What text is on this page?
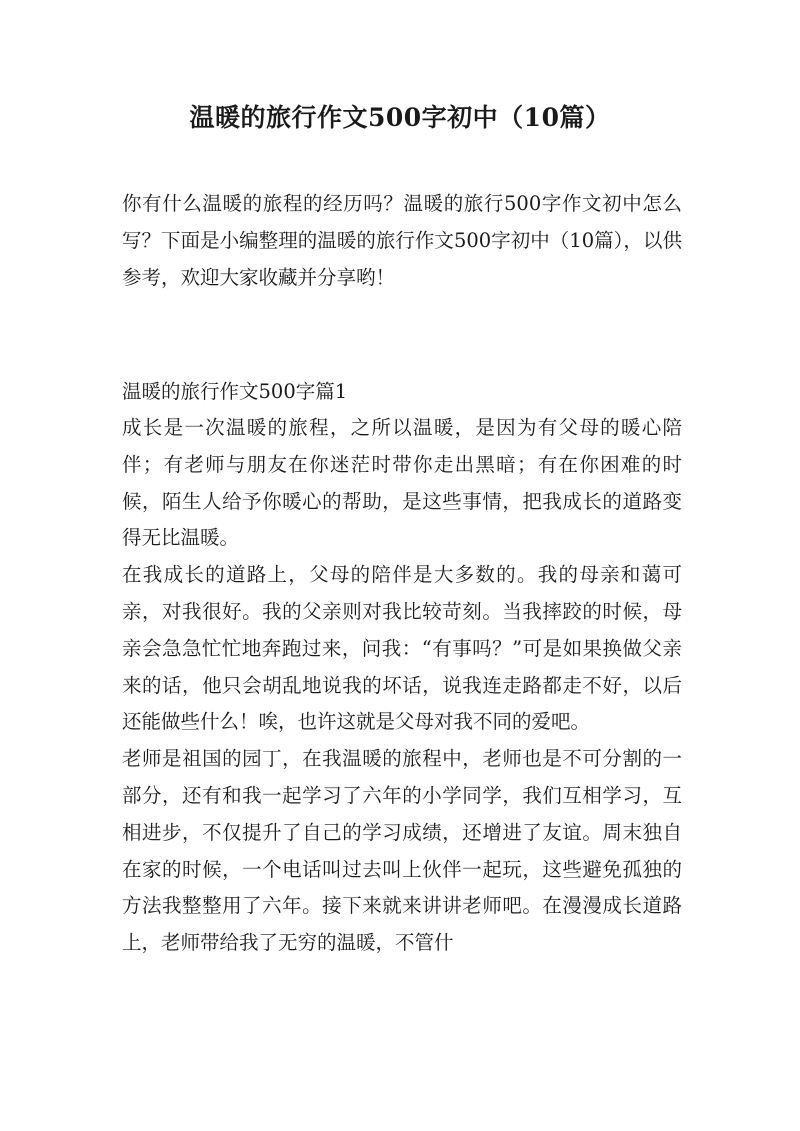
温暖的旅行作文500字初中（10篇）

你有什么温暖的旅程的经历吗？温暖的旅行500字作文初中怎么写？下面是小编整理的温暖的旅行作文500字初中（10篇），以供参考，欢迎大家收藏并分享哟！

温暖的旅行作文500字篇1

成长是一次温暖的旅程，之所以温暖，是因为有父母的暖心陪伴；有老师与朋友在你迷茫时带你走出黑暗；有在你困难的时候，陌生人给予你暖心的帮助，是这些事情，把我成长的道路变得无比温暖。

在我成长的道路上，父母的陪伴是大多数的。我的母亲和蔼可亲，对我很好。我的父亲则对我比较苛刻。当我摔跤的时候，母亲会急急忙忙地奔跑过来，问我：“有事吗？”可是如果换做父亲来的话，他只会胡乱地说我的坏话，说我连走路都走不好，以后还能做些什么！唉，也许这就是父母对我不同的爱吧。

老师是祖国的园丁，在我温暖的旅程中，老师也是不可分割的一部分，还有和我一起学习了六年的小学同学，我们互相学习，互相进步，不仅提升了自己的学习成绩，还增进了友谊。周末独自在家的时候，一个电话叫过去叫上伙伴一起玩，这些避免孤独的方法我整整用了六年。接下来就来讲讲老师吧。在漫漫成长道路上，老师带给我了无穷的温暖，不管什
